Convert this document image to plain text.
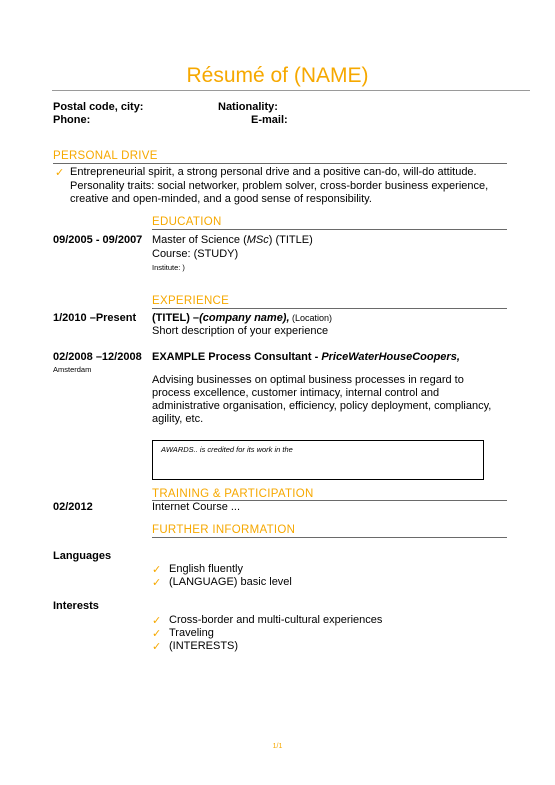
Résumé of (NAME)
Postal code, city:	Nationality:
Phone:	E-mail:
PERSONAL DRIVE
✓ Entrepreneurial spirit, a strong personal drive and a positive can-do, will-do attitude.
Personality traits: social networker, problem solver, cross-border business experience,
creative and open-minded, and a good sense of responsibility.
EDUCATION
09/2005 - 09/2007 Master of Science (MSc) (TITLE)
Course: (STUDY)
Institute: )
EXPERIENCE
1/2010 –Present (TITEL) –(company name), (Location)
Short description of your experience
02/2008 –12/2008
Amsterdam
EXAMPLE Process Consultant - PriceWaterHouseCoopers,
Advising businesses on optimal business processes in regard to
process excellence, customer intimacy, internal control and
administrative organisation, efficiency, policy deployment, compliancy,
agility, etc.
AWARDS.. is credited for its work in the
TRAINING & PARTICIPATION
02/2012	Internet Course ...
FURTHER INFORMATION
Languages
✓ English fluently
✓ (LANGUAGE) basic level
Interests
✓ Cross-border and multi-cultural experiences
✓ Traveling
✓ (INTERESTS)
1/1
